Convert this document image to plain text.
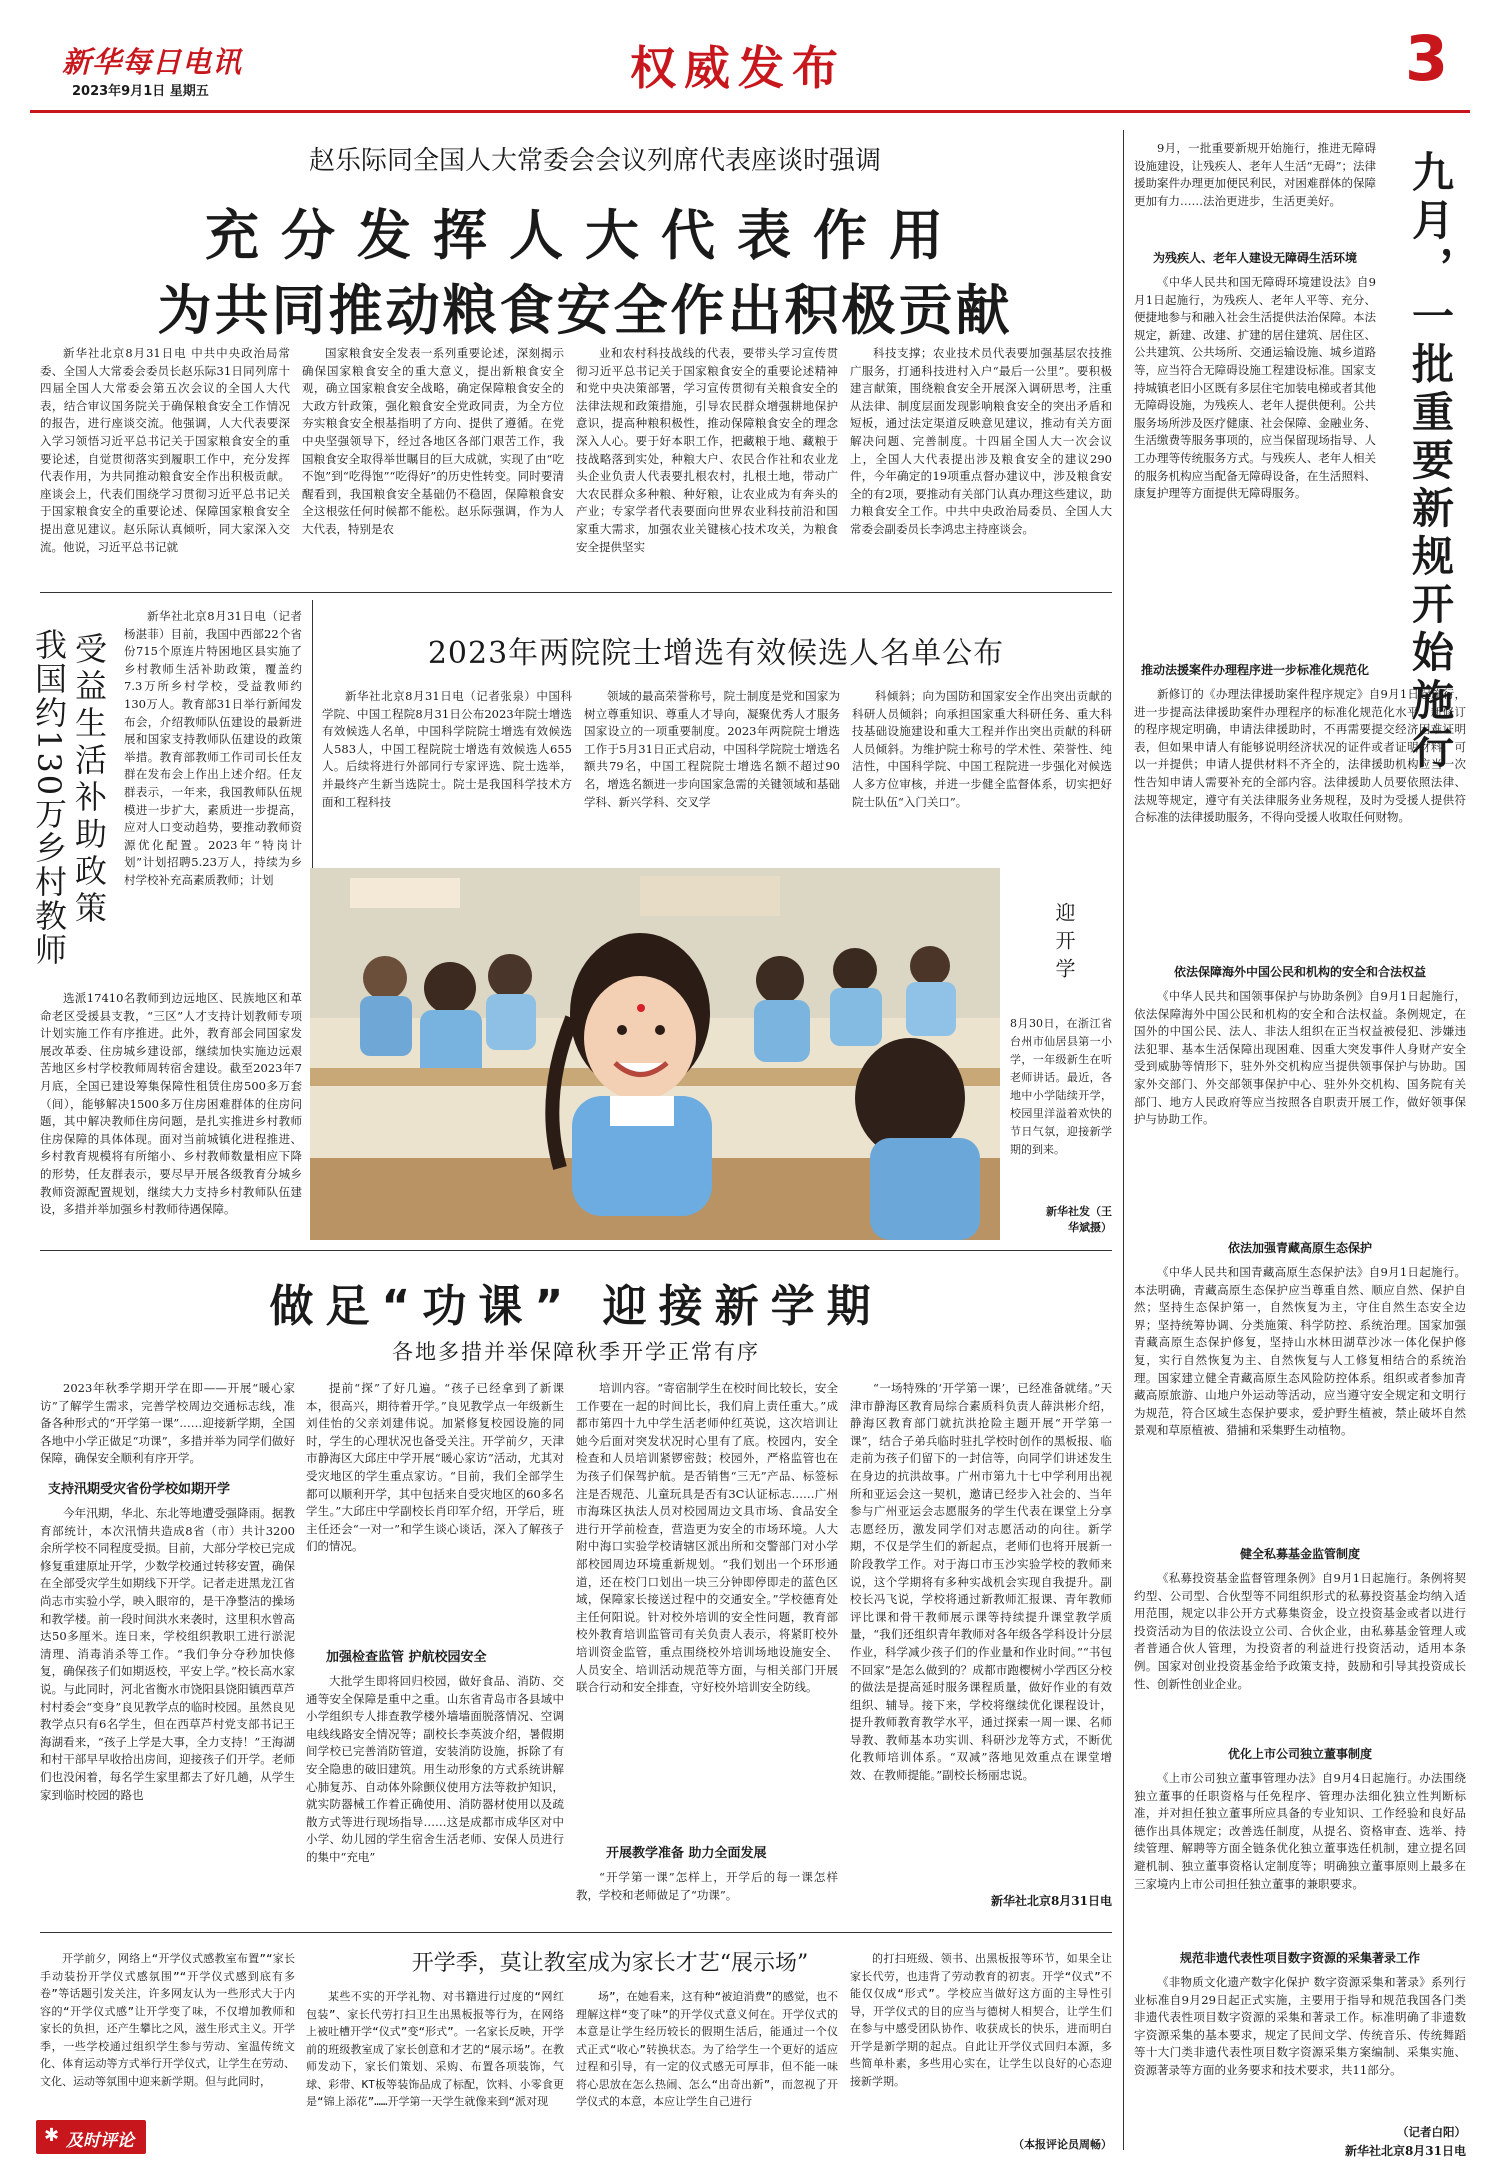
新华每日电讯
2023年9月1日 星期五	权威发布	3
赵乐际同全国人大常委会会议列席代表座谈时强调
充分发挥人大代表作用
为共同推动粮食安全作出积极贡献
新华社北京8月31日电 中共中央政治局常委、全国人大常委会委员长赵乐际31日同列席十四届全国人大常委会第五次会议的全国人大代表，结合审议国务院关于确保粮食安全工作情况的报告，进行座谈交流。他强调，人大代表要深入学习领悟习近平总书记关于国家粮食安全的重要论述，自觉贯彻落实到履职工作中，充分发挥代表作用，为共同推动粮食安全作出积极贡献。座谈会上，代表们围绕学习贯彻习近平总书记关于国家粮食安全的重要论述、保障国家粮食安全提出意见建议。赵乐际认真倾听，同大家深入交流。他说，习近平总书记就
国家粮食安全发表一系列重要论述，深刻揭示确保国家粮食安全的重大意义，提出新粮食安全观，确立国家粮食安全战略，确定保障粮食安全的大政方针政策，强化粮食安全党政同责，为全方位夯实粮食安全根基指明了方向、提供了遵循。在党中央坚强领导下，经过各地区各部门艰苦工作，我国粮食安全取得举世瞩目的巨大成就，实现了由“吃不饱”到“吃得饱”“吃得好”的历史性转变。同时要清醒看到，我国粮食安全基础仍不稳固，保障粮食安全这根弦任何时候都不能松。赵乐际强调，作为人大代表，特别是农
业和农村科技战线的代表，要带头学习宣传贯彻习近平总书记关于国家粮食安全的重要论述精神和党中央决策部署，学习宣传贯彻有关粮食安全的法律法规和政策措施，引导农民群众增强耕地保护意识，提高种粮积极性，推动保障粮食安全的理念深入人心。要于好本职工作，把藏粮于地、藏粮于技战略落到实处，种粮大户、农民合作社和农业龙头企业负责人代表要扎根农村，扎根土地，带动广大农民群众多种粮、种好粮，让农业成为有奔头的产业；专家学者代表要面向世界农业科技前沿和国家重大需求，加强农业关键核心技术攻关，为粮食安全提供坚实
科技支撑；农业技术员代表要加强基层农技推广服务，打通科技进村入户“最后一公里”。要积极建言献策，围绕粮食安全开展深入调研思考，注重从法律、制度层面发现影响粮食安全的突出矛盾和短板，通过法定渠道反映意见建议，推动有关方面解决问题、完善制度。十四届全国人大一次会议上，全国人大代表提出涉及粮食安全的建议290件，今年确定的19项重点督办建议中，涉及粮食安全的有2项，要推动有关部门认真办理这些建议，助力粮食安全工作。中共中央政治局委员、全国人大常委会副委员长李鸿忠主持座谈会。
受益生活补助政策
我国约130万乡村教师
新华社北京8月31日电（记者杨湛菲）目前，我国中西部22个省份715个原连片特困地区县实施了乡村教师生活补助政策，覆盖约7.3万所乡村学校，受益教师约130万人。教育部31日举行新闻发布会，介绍教师队伍建设的最新进展和国家支持教师队伍建设的政策举措。教育部教师工作司司长任友群在发布会上作出上述介绍。任友群表示，一年来，我国教师队伍规模进一步扩大，素质进一步提高，应对人口变动趋势，要推动教师资源优化配置。2023年“特岗计划”计划招聘5.23万人，持续为乡村学校补充高素质教师；计划
选派17410名教师到边远地区、民族地区和革命老区受援县支教，“三区”人才支持计划教师专项计划实施工作有序推进。此外，教育部会同国家发展改革委、住房城乡建设部，继续加快实施边远艰苦地区乡村学校教师周转宿舍建设。截至2023年7月底，全国已建设筹集保障性租赁住房500多万套（间），能够解决1500多万住房困难群体的住房问题，其中解决教师住房问题，是扎实推进乡村教师住房保障的具体体现。面对当前城镇化进程推进、乡村教育规模将有所缩小、乡村教师数量相应下降的形势，任友群表示，要尽早开展各级教育分城乡教师资源配置规划，继续大力支持乡村教师队伍建设，多措并举加强乡村教师待遇保障。
2023年两院院士增选有效候选人名单公布
新华社北京8月31日电（记者张泉）中国科学院、中国工程院8月31日公布2023年院士增选有效候选人名单，中国科学院院士增选有效候选人583人，中国工程院院士增选有效候选人655人。后续将进行外部同行专家评选、院士选举，并最终产生新当选院士。院士是我国科学技术方面和工程科技
领域的最高荣誉称号，院士制度是党和国家为树立尊重知识、尊重人才导向，凝聚优秀人才服务国家设立的一项重要制度。2023年两院院士增选工作于5月31日正式启动，中国科学院院士增选名额共79名，中国工程院院士增选名额不超过90名，增选名额进一步向国家急需的关键领域和基础学科、新兴学科、交叉学
科倾斜；向为国防和国家安全作出突出贡献的科研人员倾斜；向承担国家重大科研任务、重大科技基础设施建设和重大工程并作出突出贡献的科研人员倾斜。为维护院士称号的学术性、荣誉性、纯洁性，中国科学院、中国工程院进一步强化对候选人多方位审核，并进一步健全监督体系，切实把好院士队伍“入门关口”。
迎开学
8月30日，在浙江省台州市仙居县第一小学，一年级新生在听老师讲话。最近，各地中小学陆续开学，校园里洋溢着欢快的节日气氛，迎接新学期的到来。
新华社发（王华斌摄）
做足“功课” 迎接新学期
各地多措并举保障秋季开学正常有序
2023年秋季学期开学在即——开展“暖心家访”了解学生需求，完善学校周边交通标志线，准备各种形式的“开学第一课”……迎接新学期，全国各地中小学正做足“功课”，多措并举为同学们做好保障，确保安全顺利有序开学。
支持汛期受灾省份学校如期开学
今年汛期，华北、东北等地遭受强降雨。据教育部统计，本次汛情共造成8省（市）共计3200余所学校不同程度受损。目前，大部分学校已完成修复重建原址开学，少数学校通过转移安置，确保在全部受灾学生如期线下开学。记者走进黑龙江省尚志市实验小学，映入眼帘的，是干净整洁的操场和教学楼。前一段时间洪水来袭时，这里积水曾高达50多厘米。连日来，学校组织教职工进行淤泥清理、消毒消杀等工作。“我们争分夺秒加快修复，确保孩子们如期返校，平安上学。”校长高水家说。与此同时，河北省衡水市饶阳县饶阳镇西草芦村村委会“变身”良见教学点的临时校园。虽然良见教学点只有6名学生，但在西草芦村党支部书记王海湖看来，“孩子上学是大事，全力支持！”王海湖和村干部早早收拾出房间，迎接孩子们开学。老师们也没闲着，每名学生家里都去了好几趟，从学生家到临时校园的路也
提前“探”了好几遍。“孩子已经拿到了新课本，很高兴，期待着开学。”良见教学点一年级新生刘佳怡的父亲刘建伟说。加紧修复校园设施的同时，学生的心理状况也备受关注。开学前夕，天津市静海区大邱庄中学开展“暖心家访”活动，尤其对受灾地区的学生重点家访。“目前，我们全部学生都可以顺利开学，其中包括来自受灾地区的60多名学生。”大邱庄中学副校长肖印军介绍，开学后，班主任还会“一对一”和学生谈心谈话，深入了解孩子们的情况。
加强检查监管 护航校园安全
大批学生即将回归校园，做好食品、消防、交通等安全保障是重中之重。山东省青岛市各县域中小学组织专人排查教学楼外墙墙面脱落情况、空调电线线路安全情况等；副校长李英波介绍，暑假期间学校已完善消防管道，安装消防设施，拆除了有安全隐患的破旧建筑。用生动形象的方式系统讲解心肺复苏、自动体外除颤仪使用方法等救护知识，就实防器械工作着正确使用、消防器材使用以及疏散方式等进行现场指导……这是成都市成华区对中小学、幼儿园的学生宿舍生活老师、安保人员进行的集中“充电”
培训内容。“寄宿制学生在校时间比较长，安全工作要在一起的时间比长，我们肩上责任重大。”成都市第四十九中学生活老师仲红英说，这次培训让她今后面对突发状况时心里有了底。校园内，安全检查和人员培训紧锣密鼓；校园外，严格监管也在为孩子们保驾护航。是否销售“三无”产品、标签标注是否规范、儿童玩具是否有3C认证标志……广州市海珠区执法人员对校园周边文具市场、食品安全进行开学前检查，营造更为安全的市场环境。人大附中海口实验学校请辖区派出所和交警部门对小学部校园周边环境重新规划。“我们划出一个环形通道，还在校门口划出一块三分钟即停即走的蓝色区域，保障家长接送过程中的交通安全。”学校德育处主任何阳说。针对校外培训的安全性问题，教育部校外教育培训监管司有关负责人表示，将紧盯校外培训资金监管，重点围绕校外培训场地设施安全、人员安全、培训活动规范等方面，与相关部门开展联合行动和安全排查，守好校外培训安全防线。
开展教学准备 助力全面发展
“开学第一课”怎样上，开学后的每一课怎样教，学校和老师做足了“功课”。
“一场特殊的‘开学第一课’，已经准备就绪。”天津市静海区教育局综合素质科负责人薛洪彬介绍，静海区教育部门就抗洪抢险主题开展“开学第一课”，结合子弟兵临时驻扎学校时创作的黑板报、临走前为孩子们留下的一封信等，向同学们讲述发生在身边的抗洪故事。广州市第九十七中学利用出视所和亚运会这一契机，邀请已经步入社会的、当年参与广州亚运会志愿服务的学生代表在课堂上分享志愿经历，激发同学们对志愿活动的向往。新学期，不仅是学生们的新起点，老师们也将开展新一阶段教学工作。对于海口市玉沙实验学校的教师来说，这个学期将有多种实战机会实现自我提升。副校长冯飞说，学校将通过新教师汇报课、青年教师评比课和骨干教师展示课等持续提升课堂教学质量，“我们还组织青年教师对各年级各学科设计分层作业，科学减少孩子们的作业量和作业时间。”“书包不回家”是怎么做到的？成都市跑樱树小学西区分校的做法是提高延时服务课程质量，做好作业的有效组织、辅导。接下来，学校将继续优化课程设计，提升教师教育教学水平，通过探索一周一课、名师导教、教师基本功实训、科研沙龙等方式，不断优化教师培训体系。“双减”落地见效重点在课堂增效、在教师提能。”副校长杨丽忠说。
新华社北京8月31日电
开学季，莫让教室成为家长才艺“展示场”
开学前夕，网络上“开学仪式感教室布置”“家长手动装扮开学仪式感氛围”“开学仪式感到底有多卷”等话题引发关注，许多网友认为一些形式大于内容的“开学仪式感”让开学变了味，不仅增加教师和家长的负担，还产生攀比之风，滋生形式主义。开学季，一些学校通过组织学生参与劳动、室温传统文化、体育运动等方式举行开学仪式，让学生在劳动、文化、运动等氛围中迎来新学期。但与此同时，
某些不实的开学礼物、对书籍进行过度的“网红包装”、家长代劳打扫卫生出黑板报等行为，在网络上被吐槽开学“仪式”变“形式”。一名家长反映，开学前的班级教室成了家长创意和才艺的“展示场”。在教师发动下，家长们策划、采购、布置各项装饰，气球、彩带、KT板等装饰品成了标配，饮料、小零食更是“锦上添花”……开学第一天学生就像来到“派对现
场”，在她看来，这有种“被迫消费”的感觉，也不理解这样“变了味”的开学仪式意义何在。开学仪式的本意是让学生经历较长的假期生活后，能通过一个仪式正式“收心”转换状态。为了给学生一个更好的适应过程和引导，有一定的仪式感无可厚非，但不能一味将心思放在怎么热闹、怎么“出奇出新”，而忽视了开学仪式的本意，本应让学生自己进行
的打扫班级、领书、出黑板报等环节，如果全让家长代劳，也违背了劳动教育的初衷。开学“仪式”不能仅仅成“形式”。学校应当做好这方面的主导性引导，开学仪式的目的应当与德树人相契合，让学生们在参与中感受团队协作、收获成长的快乐，进而明白开学是新学期的起点。自此让开学仪式回归本源，多些简单朴素，多些用心实在，让学生以良好的心态迎接新学期。
（本报评论员周畅）
✱ 及时评论
9月，一批重要新规开始施行，推进无障碍设施建设，让残疾人、老年人生活“无碍”；法律援助案件办理更加便民利民，对困难群体的保障更加有力……法治更进步，生活更美好。	九月，一批重要新规开始施行
为残疾人、老年人建设无障碍生活环境
《中华人民共和国无障碍环境建设法》自9月1日起施行，为残疾人、老年人平等、充分、便捷地参与和融入社会生活提供法治保障。本法规定，新建、改建、扩建的居住建筑、居住区、公共建筑、公共场所、交通运输设施、城乡道路等，应当符合无障碍设施工程建设标准。国家支持城镇老旧小区既有多层住宅加装电梯或者其他无障碍设施，为残疾人、老年人提供便利。公共服务场所涉及医疗健康、社会保障、金融业务、生活缴费等服务事项的，应当保留现场指导、人工办理等传统服务方式。与残疾人、老年人相关的服务机构应当配备无障碍设备，在生活照料、康复护理等方面提供无障碍服务。
推动法援案件办理程序进一步标准化规范化
新修订的《办理法律援助案件程序规定》自9月1日起施行，进一步提高法律援助案件办理程序的标准化规范化水平。新修订的程序规定明确，申请法律援助时，不再需要提交经济困难证明表，但如果申请人有能够说明经济状况的证件或者证明材料，可以一并提供；申请人提供材料不齐全的，法律援助机构应当一次性告知申请人需要补充的全部内容。法律援助人员要依照法律、法规等规定，遵守有关法律服务业务规程，及时为受援人提供符合标准的法律援助服务，不得向受援人收取任何财物。
依法保障海外中国公民和机构的安全和合法权益
《中华人民共和国领事保护与协助条例》自9月1日起施行，依法保障海外中国公民和机构的安全和合法权益。条例规定，在国外的中国公民、法人、非法人组织在正当权益被侵犯、涉嫌违法犯罪、基本生活保障出现困难、因重大突发事件人身财产安全受到威胁等情形下，驻外外交机构应当提供领事保护与协助。国家外交部门、外交部领事保护中心、驻外外交机构、国务院有关部门、地方人民政府等应当按照各自职责开展工作，做好领事保护与协助工作。
依法加强青藏高原生态保护
《中华人民共和国青藏高原生态保护法》自9月1日起施行。本法明确，青藏高原生态保护应当尊重自然、顺应自然、保护自然；坚持生态保护第一，自然恢复为主，守住自然生态安全边界；坚持统筹协调、分类施策、科学防控、系统治理。国家加强青藏高原生态保护修复，坚持山水林田湖草沙冰一体化保护修复，实行自然恢复为主、自然恢复与人工修复相结合的系统治理。国家建立健全青藏高原生态风险防控体系。组织或者参加青藏高原旅游、山地户外运动等活动，应当遵守安全规定和文明行为规范，符合区域生态保护要求，爱护野生植被，禁止破坏自然景观和草原植被、猎捕和采集野生动植物。
健全私募基金监管制度
《私募投资基金监督管理条例》自9月1日起施行。条例将契约型、公司型、合伙型等不同组织形式的私募投资基金均纳入适用范围，规定以非公开方式募集资金，设立投资基金或者以进行投资活动为目的依法设立公司、合伙企业，由私募基金管理人或者普通合伙人管理，为投资者的利益进行投资活动，适用本条例。国家对创业投资基金给予政策支持，鼓励和引导其投资成长性、创新性创业企业。
优化上市公司独立董事制度
《上市公司独立董事管理办法》自9月4日起施行。办法围绕独立董事的任职资格与任免程序、管理办法细化独立性判断标准，并对担任独立董事所应具备的专业知识、工作经验和良好品德作出具体规定；改善选任制度，从提名、资格审查、选举、持续管理、解聘等方面全链条优化独立董事选任机制，建立提名回避机制、独立董事资格认定制度等；明确独立董事原则上最多在三家境内上市公司担任独立董事的兼职要求。
规范非遗代表性项目数字资源的采集著录工作
《非物质文化遗产数字化保护 数字资源采集和著录》系列行业标准自9月29日起正式实施，主要用于指导和规范我国各门类非遗代表性项目数字资源的采集和著录工作。标准明确了非遗数字资源采集的基本要求，规定了民间文学、传统音乐、传统舞蹈等十大门类非遗代表性项目数字资源采集方案编制、采集实施、资源著录等方面的业务要求和技术要求，共11部分。
（记者白阳）
新华社北京8月31日电
